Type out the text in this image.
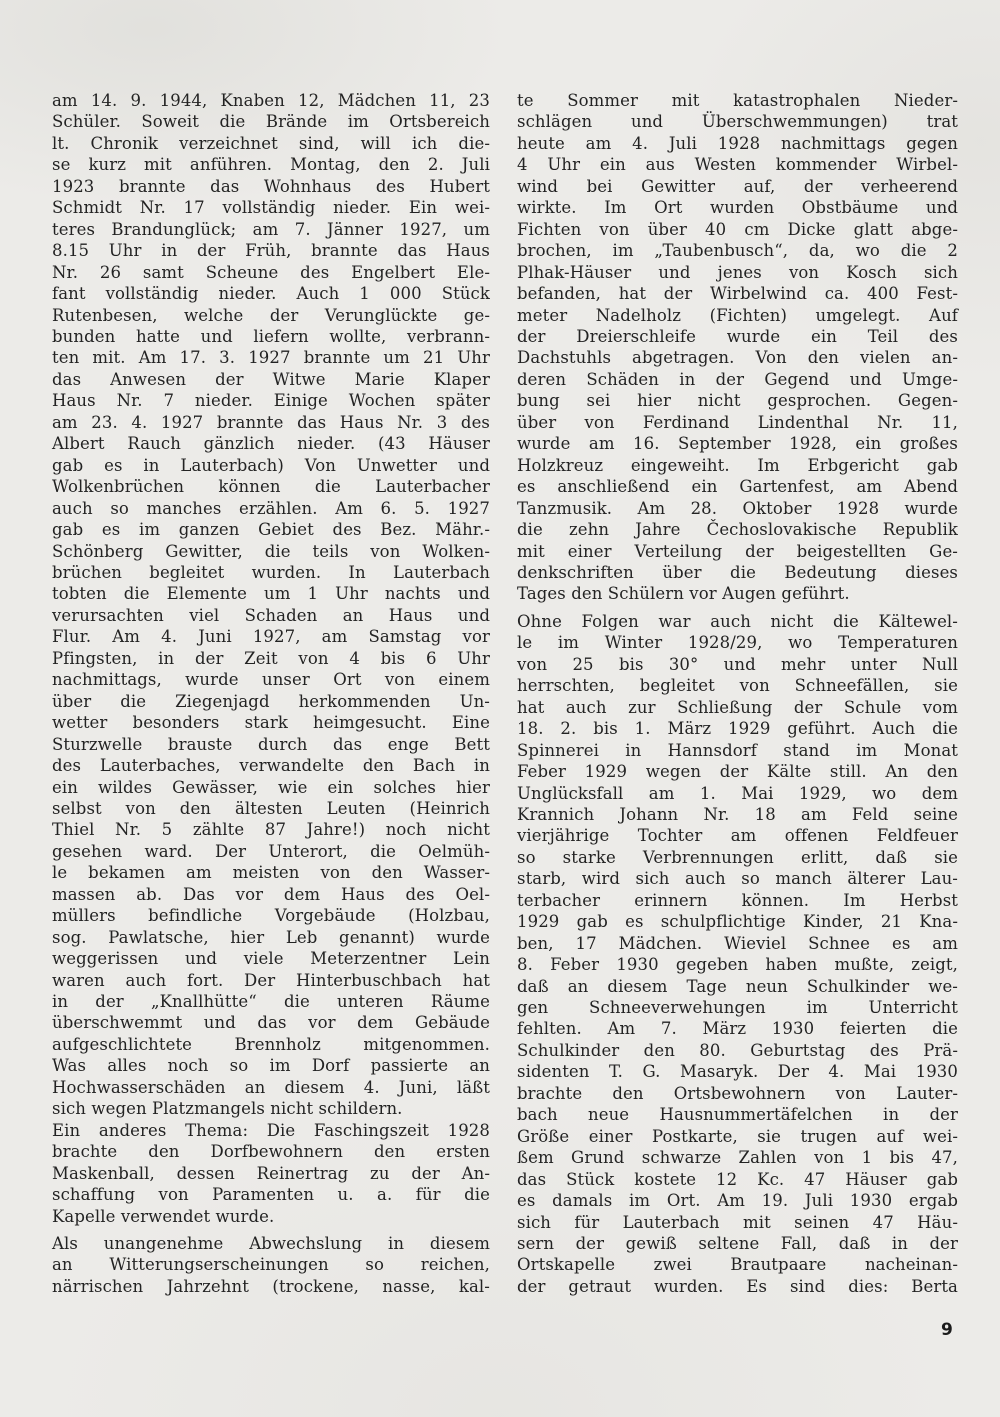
am 14. 9. 1944, Knaben 12, Mädchen 11, 23
Schüler. Soweit die Brände im Ortsbereich
lt. Chronik verzeichnet sind, will ich die-
se kurz mit anführen. Montag, den 2. Juli
1923 brannte das Wohnhaus des Hubert
Schmidt Nr. 17 vollständig nieder. Ein wei-
teres Brandunglück; am 7. Jänner 1927, um
8.15 Uhr in der Früh, brannte das Haus
Nr. 26 samt Scheune des Engelbert Ele-
fant vollständig nieder. Auch 1 000 Stück
Rutenbesen, welche der Verunglückte ge-
bunden hatte und liefern wollte, verbrann-
ten mit. Am 17. 3. 1927 brannte um 21 Uhr
das Anwesen der Witwe Marie Klaper
Haus Nr. 7 nieder. Einige Wochen später
am 23. 4. 1927 brannte das Haus Nr. 3 des
Albert Rauch gänzlich nieder. (43 Häuser
gab es in Lauterbach) Von Unwetter und
Wolkenbrüchen können die Lauterbacher
auch so manches erzählen. Am 6. 5. 1927
gab es im ganzen Gebiet des Bez. Mähr.-
Schönberg Gewitter, die teils von Wolken-
brüchen begleitet wurden. In Lauterbach
tobten die Elemente um 1 Uhr nachts und
verursachten viel Schaden an Haus und
Flur. Am 4. Juni 1927, am Samstag vor
Pfingsten, in der Zeit von 4 bis 6 Uhr
nachmittags, wurde unser Ort von einem
über die Ziegenjagd herkommenden Un-
wetter besonders stark heimgesucht. Eine
Sturzwelle brauste durch das enge Bett
des Lauterbaches, verwandelte den Bach in
ein wildes Gewässer, wie ein solches hier
selbst von den ältesten Leuten (Heinrich
Thiel Nr. 5 zählte 87 Jahre!) noch nicht
gesehen ward. Der Unterort, die Oelmüh-
le bekamen am meisten von den Wasser-
massen ab. Das vor dem Haus des Oel-
müllers befindliche Vorgebäude (Holzbau,
sog. Pawlatsche, hier Leb genannt) wurde
weggerissen und viele Meterzentner Lein
waren auch fort. Der Hinterbuschbach hat
in der „Knallhütte“ die unteren Räume
überschwemmt und das vor dem Gebäude
aufgeschlichtete Brennholz mitgenommen.
Was alles noch so im Dorf passierte an
Hochwasserschäden an diesem 4. Juni, läßt
sich wegen Platzmangels nicht schildern.
Ein anderes Thema: Die Faschingszeit 1928
brachte den Dorfbewohnern den ersten
Maskenball, dessen Reinertrag zu der An-
schaffung von Paramenten u. a. für die
Kapelle verwendet wurde.
Als unangenehme Abwechslung in diesem
an Witterungserscheinungen so reichen,
närrischen Jahrzehnt (trockene, nasse, kal-
te Sommer mit katastrophalen Nieder-
schlägen und Überschwemmungen) trat
heute am 4. Juli 1928 nachmittags gegen
4 Uhr ein aus Westen kommender Wirbel-
wind bei Gewitter auf, der verheerend
wirkte. Im Ort wurden Obstbäume und
Fichten von über 40 cm Dicke glatt abge-
brochen, im „Taubenbusch“, da, wo die 2
Plhak-Häuser und jenes von Kosch sich
befanden, hat der Wirbelwind ca. 400 Fest-
meter Nadelholz (Fichten) umgelegt. Auf
der Dreierschleife wurde ein Teil des
Dachstuhls abgetragen. Von den vielen an-
deren Schäden in der Gegend und Umge-
bung sei hier nicht gesprochen. Gegen-
über von Ferdinand Lindenthal Nr. 11,
wurde am 16. September 1928, ein großes
Holzkreuz eingeweiht. Im Erbgericht gab
es anschließend ein Gartenfest, am Abend
Tanzmusik. Am 28. Oktober 1928 wurde
die zehn Jahre Čechoslovakische Republik
mit einer Verteilung der beigestellten Ge-
denkschriften über die Bedeutung dieses
Tages den Schülern vor Augen geführt.
Ohne Folgen war auch nicht die Kältewel-
le im Winter 1928/29, wo Temperaturen
von 25 bis 30° und mehr unter Null
herrschten, begleitet von Schneefällen, sie
hat auch zur Schließung der Schule vom
18. 2. bis 1. März 1929 geführt. Auch die
Spinnerei in Hannsdorf stand im Monat
Feber 1929 wegen der Kälte still. An den
Unglücksfall am 1. Mai 1929, wo dem
Krannich Johann Nr. 18 am Feld seine
vierjährige Tochter am offenen Feldfeuer
so starke Verbrennungen erlitt, daß sie
starb, wird sich auch so manch älterer Lau-
terbacher erinnern können. Im Herbst
1929 gab es schulpflichtige Kinder, 21 Kna-
ben, 17 Mädchen. Wieviel Schnee es am
8. Feber 1930 gegeben haben mußte, zeigt,
daß an diesem Tage neun Schulkinder we-
gen Schneeverwehungen im Unterricht
fehlten. Am 7. März 1930 feierten die
Schulkinder den 80. Geburtstag des Prä-
sidenten T. G. Masaryk. Der 4. Mai 1930
brachte den Ortsbewohnern von Lauter-
bach neue Hausnummertäfelchen in der
Größe einer Postkarte, sie trugen auf wei-
ßem Grund schwarze Zahlen von 1 bis 47,
das Stück kostete 12 Kc. 47 Häuser gab
es damals im Ort. Am 19. Juli 1930 ergab
sich für Lauterbach mit seinen 47 Häu-
sern der gewiß seltene Fall, daß in der
Ortskapelle zwei Brautpaare nacheinan-
der getraut wurden. Es sind dies: Berta
9
